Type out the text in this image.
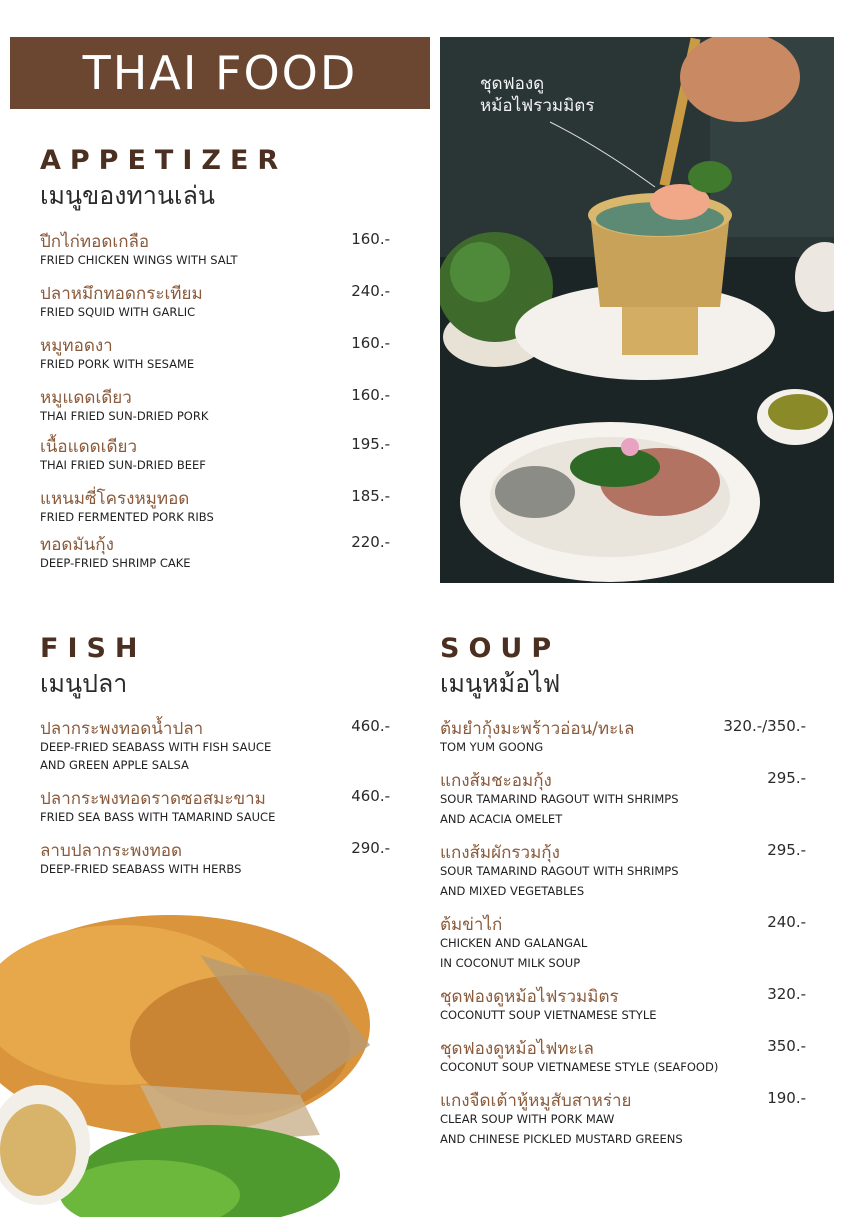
THAI FOOD
APPETIZER
เมนูของทานเล่น
ปีกไก่ทอดเกลือ	160.-
FRIED CHICKEN WINGS WITH SALT
ปลาหมึกทอดกระเทียม	240.-
FRIED SQUID WITH GARLIC
หมูทอดงา	160.-
FRIED PORK WITH SESAME
หมูแดดเดียว	160.-
THAI FRIED SUN-DRIED PORK
เนื้อแดดเดียว	195.-
THAI FRIED SUN-DRIED BEEF
แหนมซี่โครงหมูทอด	185.-
FRIED FERMENTED PORK RIBS
ทอดมันกุ้ง	220.-
DEEP-FRIED SHRIMP CAKE
ชุดฟองดู
หม้อไฟรวมมิตร
FISH
เมนูปลา
ปลากระพงทอดน้ำปลา	460.-
DEEP-FRIED SEABASS WITH FISH SAUCE
AND GREEN APPLE SALSA
ปลากระพงทอดราดซอสมะขาม	460.-
FRIED SEA BASS WITH TAMARIND SAUCE
ลาบปลากระพงทอด	290.-
DEEP-FRIED SEABASS WITH HERBS
SOUP
เมนูหม้อไฟ
ต้มยำกุ้งมะพร้าวอ่อน/ทะเล	320.-/350.-
TOM YUM GOONG
แกงส้มชะอมกุ้ง	295.-
SOUR TAMARIND RAGOUT WITH SHRIMPS
AND ACACIA OMELET
แกงส้มผักรวมกุ้ง	295.-
SOUR TAMARIND RAGOUT WITH SHRIMPS
AND MIXED VEGETABLES
ต้มข่าไก่	240.-
CHICKEN AND GALANGAL
IN COCONUT MILK SOUP
ชุดฟองดูหม้อไฟรวมมิตร	320.-
COCONUTT SOUP VIETNAMESE STYLE
ชุดฟองดูหม้อไฟทะเล	350.-
COCONUT SOUP VIETNAMESE STYLE (SEAFOOD)
แกงจืดเต้าหู้หมูสับสาหร่าย	190.-
CLEAR SOUP WITH PORK MAW
AND CHINESE PICKLED MUSTARD GREENS
